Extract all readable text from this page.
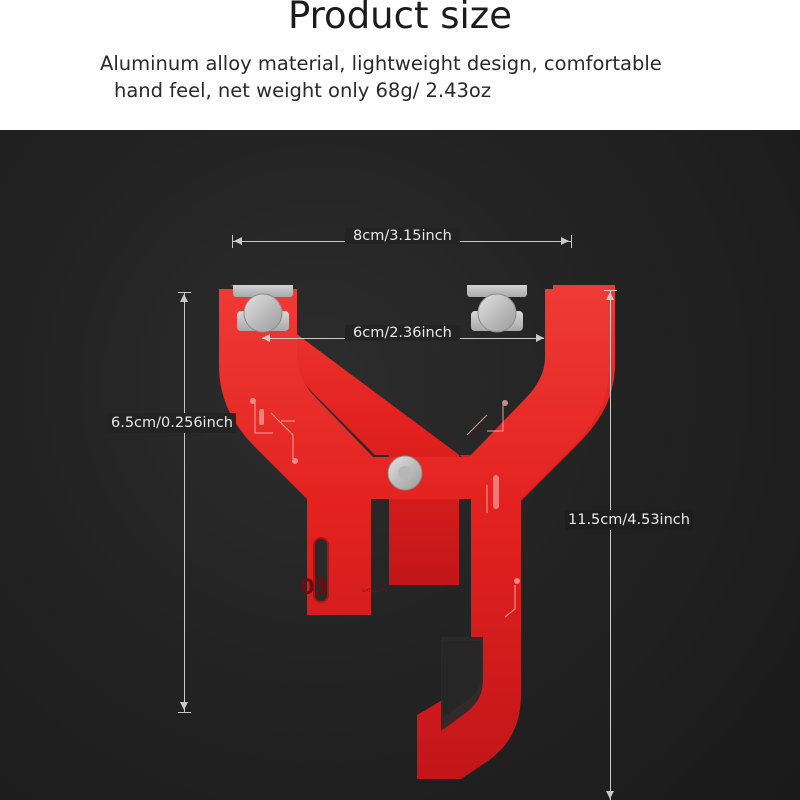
Product size
Aluminum alloy material, lightweight design, comfortable
hand feel, net weight only 68g/ 2.43oz
03	SATELLITE
8cm/3.15inch
6cm/2.36inch
6.5cm/0.256inch
11.5cm/4.53inch
